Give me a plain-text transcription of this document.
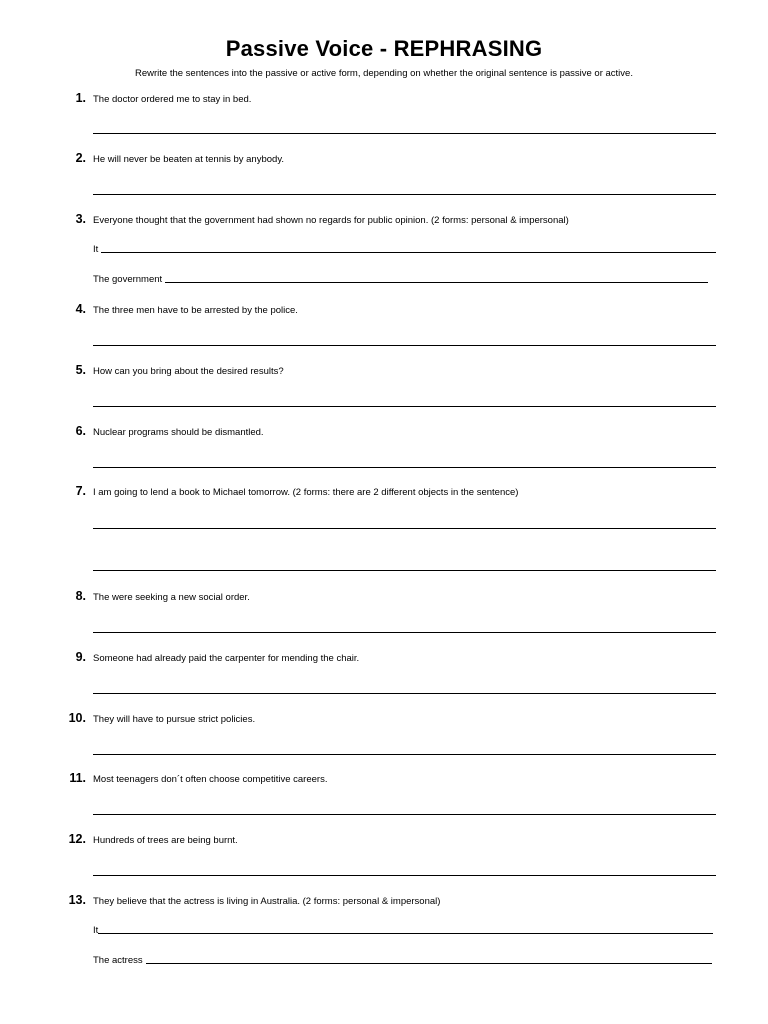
Passive Voice - REPHRASING
Rewrite the sentences into the passive or active form, depending on whether the original sentence is passive or active.
1. The doctor ordered me to stay in bed.
2. He will never be beaten at tennis by anybody.
3. Everyone thought that the government had shown no regards for public opinion. (2 forms: personal & impersonal)
It
The government
4. The three men have to be arrested by the police.
5. How can you bring about the desired results?
6. Nuclear programs should be dismantled.
7. I am going to lend a book to Michael tomorrow. (2 forms: there are 2 different objects in the sentence)
8. The were seeking a new social order.
9. Someone had already paid the carpenter for mending the chair.
10. They will have to pursue strict policies.
11. Most teenagers don´t often choose competitive careers.
12. Hundreds of trees are being burnt.
13. They believe that the actress is living in Australia. (2 forms: personal & impersonal)
It
The actress
